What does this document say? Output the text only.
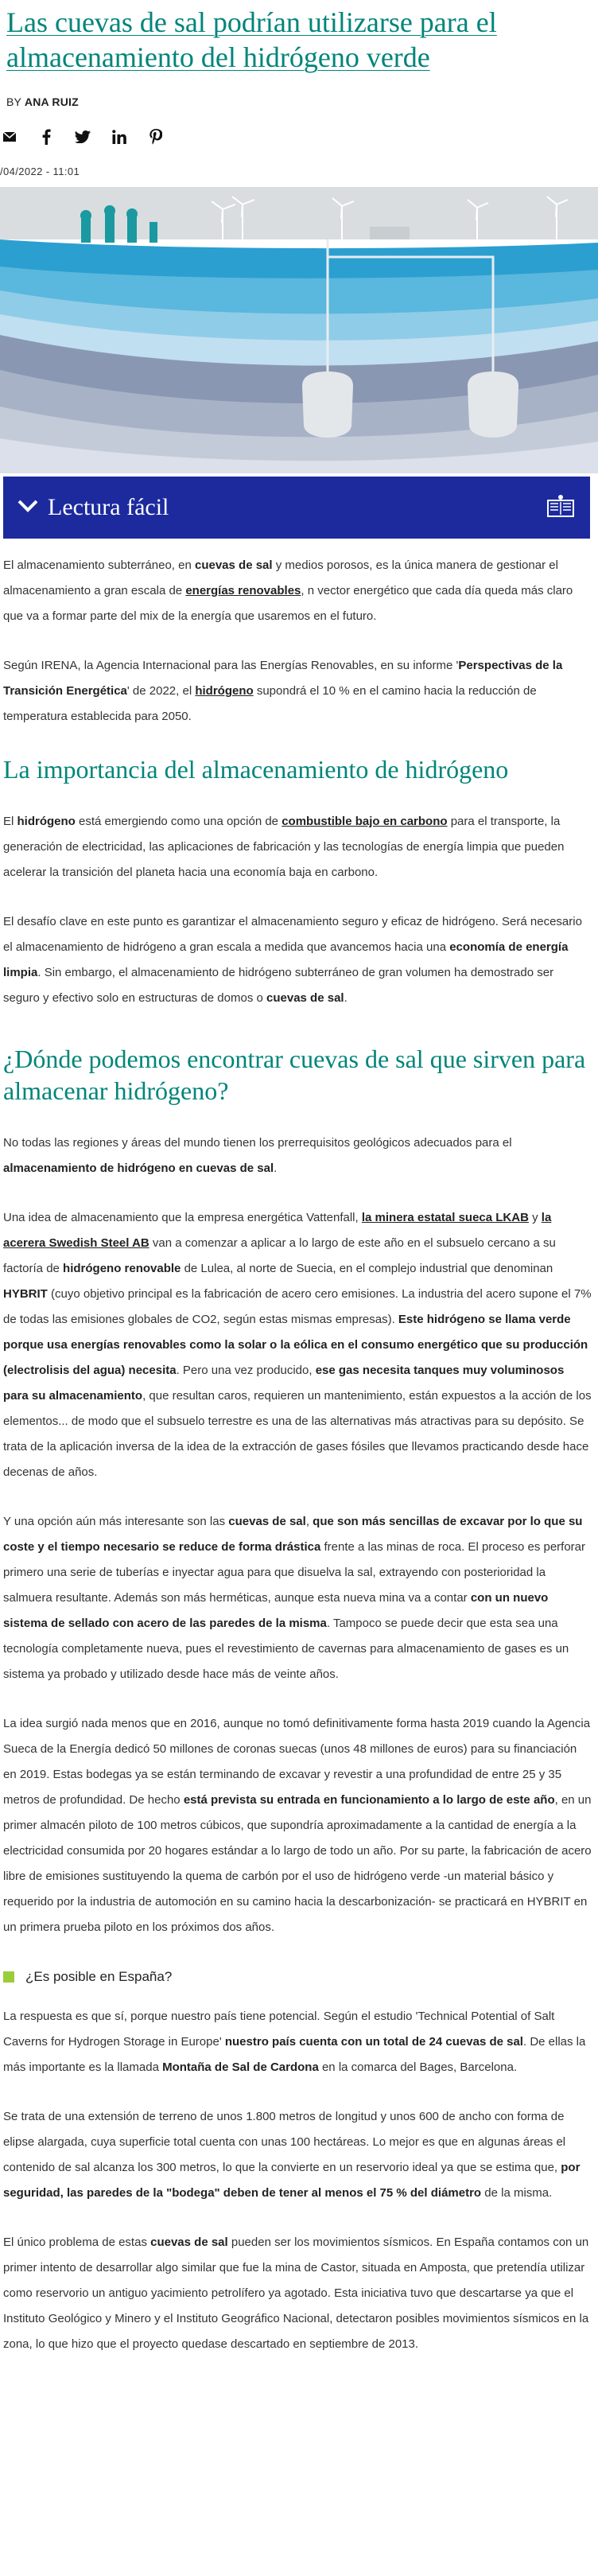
Las cuevas de sal podrían utilizarse para el almacenamiento del hidrógeno verde
BY ANA RUIZ
/04/2022 - 11:01
Lectura fácil

El almacenamiento subterráneo, en cuevas de sal y medios porosos, es la única manera de gestionar el almacenamiento a gran escala de energías renovables, n vector energético que cada día queda más claro que va a formar parte del mix de la energía que usaremos en el futuro.

Según IRENA, la Agencia Internacional para las Energías Renovables, en su informe 'Perspectivas de la Transición Energética' de 2022, el hidrógeno supondrá el 10 % en el camino hacia la reducción de temperatura establecida para 2050.

La importancia del almacenamiento de hidrógeno

El hidrógeno está emergiendo como una opción de combustible bajo en carbono para el transporte, la generación de electricidad, las aplicaciones de fabricación y las tecnologías de energía limpia que pueden acelerar la transición del planeta hacia una economía baja en carbono.

El desafío clave en este punto es garantizar el almacenamiento seguro y eficaz de hidrógeno. Será necesario el almacenamiento de hidrógeno a gran escala a medida que avancemos hacia una economía de energía limpia. Sin embargo, el almacenamiento de hidrógeno subterráneo de gran volumen ha demostrado ser seguro y efectivo solo en estructuras de domos o cuevas de sal.

¿Dónde podemos encontrar cuevas de sal que sirven para almacenar hidrógeno?

No todas las regiones y áreas del mundo tienen los prerrequisitos geológicos adecuados para el almacenamiento de hidrógeno en cuevas de sal.

Una idea de almacenamiento que la empresa energética Vattenfall, la minera estatal sueca LKAB y la acerera Swedish Steel AB van a comenzar a aplicar a lo largo de este año en el subsuelo cercano a su factoría de hidrógeno renovable de Lulea, al norte de Suecia, en el complejo industrial que denominan HYBRIT (cuyo objetivo principal es la fabricación de acero cero emisiones. La industria del acero supone el 7% de todas las emisiones globales de CO2, según estas mismas empresas). Este hidrógeno se llama verde porque usa energías renovables como la solar o la eólica en el consumo energético que su producción (electrolisis del agua) necesita. Pero una vez producido, ese gas necesita tanques muy voluminosos para su almacenamiento, que resultan caros, requieren un mantenimiento, están expuestos a la acción de los elementos... de modo que el subsuelo terrestre es una de las alternativas más atractivas para su depósito. Se trata de la aplicación inversa de la idea de la extracción de gases fósiles que llevamos practicando desde hace decenas de años.

Y una opción aún más interesante son las cuevas de sal, que son más sencillas de excavar por lo que su coste y el tiempo necesario se reduce de forma drástica frente a las minas de roca. El proceso es perforar primero una serie de tuberías e inyectar agua para que disuelva la sal, extrayendo con posterioridad la salmuera resultante. Además son más herméticas, aunque esta nueva mina va a contar con un nuevo sistema de sellado con acero de las paredes de la misma. Tampoco se puede decir que esta sea una tecnología completamente nueva, pues el revestimiento de cavernas para almacenamiento de gases es un sistema ya probado y utilizado desde hace más de veinte años.

La idea surgió nada menos que en 2016, aunque no tomó definitivamente forma hasta 2019 cuando la Agencia Sueca de la Energía dedicó 50 millones de coronas suecas (unos 48 millones de euros) para su financiación en 2019. Estas bodegas ya se están terminando de excavar y revestir a una profundidad de entre 25 y 35 metros de profundidad. De hecho está prevista su entrada en funcionamiento a lo largo de este año, en un primer almacén piloto de 100 metros cúbicos, que supondría aproximadamente a la cantidad de energía a la electricidad consumida por 20 hogares estándar a lo largo de todo un año. Por su parte, la fabricación de acero libre de emisiones sustituyendo la quema de carbón por el uso de hidrógeno verde -un material básico y requerido por la industria de automoción en su camino hacia la descarbonización- se practicará en HYBRIT en un primera prueba piloto en los próximos dos años.

¿Es posible en España?

La respuesta es que sí, porque nuestro país tiene potencial. Según el estudio 'Technical Potential of Salt Caverns for Hydrogen Storage in Europe' nuestro país cuenta con un total de 24 cuevas de sal. De ellas la más importante es la llamada Montaña de Sal de Cardona en la comarca del Bages, Barcelona.

Se trata de una extensión de terreno de unos 1.800 metros de longitud y unos 600 de ancho con forma de elipse alargada, cuya superficie total cuenta con unas 100 hectáreas. Lo mejor es que en algunas áreas el contenido de sal alcanza los 300 metros, lo que la convierte en un reservorio ideal ya que se estima que, por seguridad, las paredes de la "bodega" deben de tener al menos el 75 % del diámetro de la misma.

El único problema de estas cuevas de sal pueden ser los movimientos sísmicos. En España contamos con un primer intento de desarrollar algo similar que fue la mina de Castor, situada en Amposta, que pretendía utilizar como reservorio un antiguo yacimiento petrolífero ya agotado. Esta iniciativa tuvo que descartarse ya que el Instituto Geológico y Minero y el Instituto Geográfico Nacional, detectaron posibles movimientos sísmicos en la zona, lo que hizo que el proyecto quedase descartado en septiembre de 2013.
